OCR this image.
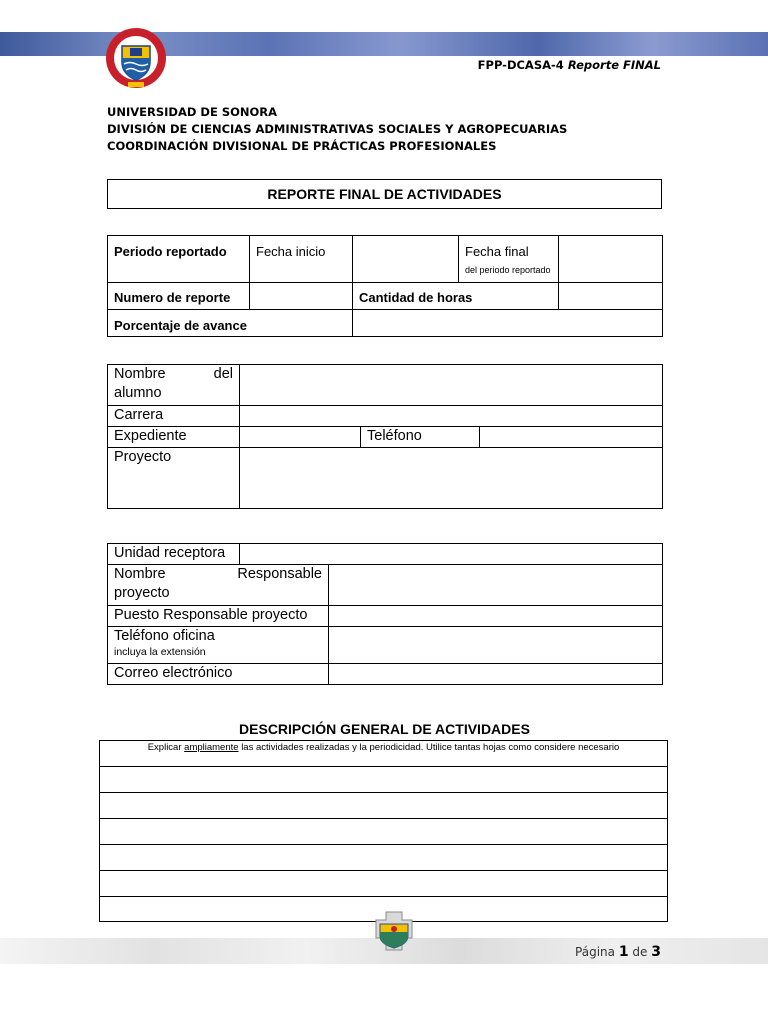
FPP-DCASA-4 Reporte FINAL
UNIVERSIDAD DE SONORA
DIVISIÓN DE CIENCIAS ADMINISTRATIVAS SOCIALES Y AGROPECUARIAS
COORDINACIÓN DIVISIONAL DE PRÁCTICAS PROFESIONALES
REPORTE FINAL DE ACTIVIDADES
Periodo reportado	Fecha inicio		Fecha final
del periodo reportado	

Numero de reporte		Cantidad de horas		
Porcentaje de avance				
Nombre del
alumno			

Carrera			
Expediente		Teléfono	
Proyecto			
Unidad receptora		

Nombre Responsable
proyecto		

Puesto Responsable proyecto		

Teléfono oficina
incluya la extensión		

Correo electrónico		
DESCRIPCIÓN GENERAL DE ACTIVIDADES
Explicar ampliamente las actividades realizadas y la periodicidad. Utilice tantas hojas como considere necesario
Página 1 de 3
